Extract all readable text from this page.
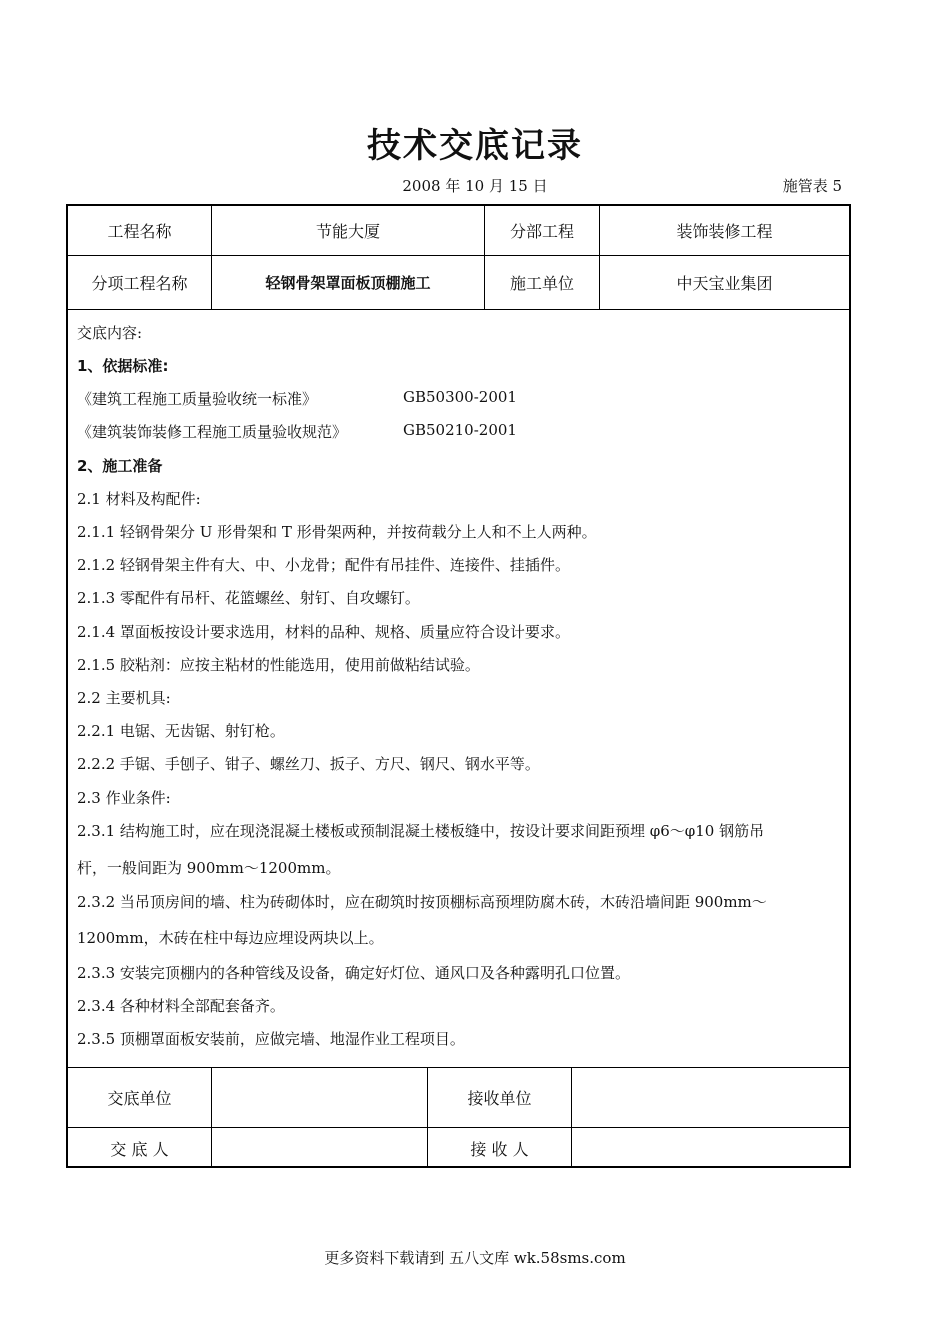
技术交底记录
2008 年 10 月 15 日	施管表 5
工程名称	节能大厦	分部工程	装饰装修工程
分项工程名称	轻钢骨架罩面板顶棚施工	施工单位	中天宝业集团
交底内容:
1、依据标准:
《建筑工程施工质量验收统一标准》	GB50300-2001
《建筑装饰装修工程施工质量验收规范》	GB50210-2001
2、施工准备
2.1 材料及构配件:
2.1.1 轻钢骨架分 U 形骨架和 T 形骨架两种，并按荷载分上人和不上人两种。
2.1.2 轻钢骨架主件有大、中、小龙骨；配件有吊挂件、连接件、挂插件。
2.1.3 零配件有吊杆、花篮螺丝、射钉、自攻螺钉。
2.1.4 罩面板按设计要求选用，材料的品种、规格、质量应符合设计要求。
2.1.5 胶粘剂：应按主粘材的性能选用，使用前做粘结试验。
2.2 主要机具:
2.2.1 电锯、无齿锯、射钉枪。
2.2.2 手锯、手刨子、钳子、螺丝刀、扳子、方尺、钢尺、钢水平等。
2.3 作业条件:
2.3.1 结构施工时，应在现浇混凝土楼板或预制混凝土楼板缝中，按设计要求间距预埋 φ6～φ10 钢筋吊
杆，一般间距为 900mm～1200mm。
2.3.2 当吊顶房间的墙、柱为砖砌体时，应在砌筑时按顶棚标高预埋防腐木砖，木砖沿墙间距 900mm～
1200mm，木砖在柱中每边应埋设两块以上。
2.3.3 安装完顶棚内的各种管线及设备，确定好灯位、通风口及各种露明孔口位置。
2.3.4 各种材料全部配套备齐。
2.3.5 顶棚罩面板安装前，应做完墙、地湿作业工程项目。
交底单位	接收单位
交 底 人	接 收 人
更多资料下载请到 五八文库 wk.58sms.com
